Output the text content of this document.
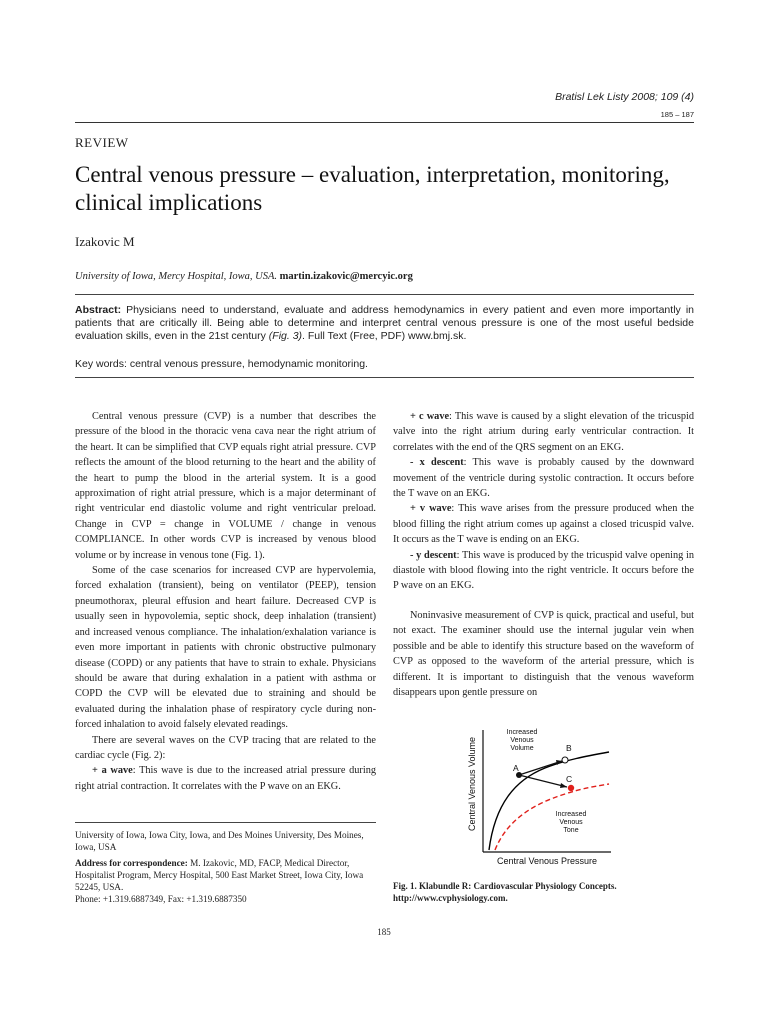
Bratisl Lek Listy 2008; 109 (4)
185 – 187
REVIEW
Central venous pressure – evaluation, interpretation, monitoring, clinical implications
Izakovic M
University of Iowa, Mercy Hospital, Iowa, USA. martin.izakovic@mercyic.org
Abstract: Physicians need to understand, evaluate and address hemodynamics in every patient and even more importantly in patients that are critically ill. Being able to determine and interpret central venous pressure is one of the most useful bedside evaluation skills, even in the 21st century (Fig. 3). Full Text (Free, PDF) www.bmj.sk.
Key words: central venous pressure, hemodynamic monitoring.

Central venous pressure (CVP) is a number that describes the pressure of the blood in the thoracic vena cava near the right atrium of the heart. It can be simplified that CVP equals right atrial pressure. CVP reflects the amount of the blood returning to the heart and the ability of the heart to pump the blood in the arterial system. It is a good approximation of right atrial pressure, which is a major determinant of right ventricular end diastolic volume and right ventricular preload. Change in CVP = change in VOLUME / change in venous COMPLIANCE. In other words CVP is increased by venous blood volume or by increase in venous tone (Fig. 1).

Some of the case scenarios for increased CVP are hypervolemia, forced exhalation (transient), being on ventilator (PEEP), tension pneumothorax, pleural effusion and heart failure. Decreased CVP is usually seen in hypovolemia, septic shock, deep inhalation (transient) and increased venous compliance. The inhalation/exhalation variance is even more important in patients with chronic obstructive pulmonary disease (COPD) or any patients that have to strain to exhale. Physicians should be aware that during exhalation in a patient with asthma or COPD the CVP will be elevated due to straining and should be evaluated during the inhalation phase of respiratory cycle during non-forced inhalation to avoid falsely elevated readings.

There are several waves on the CVP tracing that are related to the cardiac cycle (Fig. 2):

+ a wave: This wave is due to the increased atrial pressure during right atrial contraction. It correlates with the P wave on an EKG.

+ c wave: This wave is caused by a slight elevation of the tricuspid valve into the right atrium during early ventricular contraction. It correlates with the end of the QRS segment on an EKG.

- x descent: This wave is probably caused by the downward movement of the ventricle during systolic contraction. It occurs before the T wave on an EKG.

+ v wave: This wave arises from the pressure produced when the blood filling the right atrium comes up against a closed tricuspid valve. It occurs as the T wave is ending on an EKG.

- y descent: This wave is produced by the tricuspid valve opening in diastole with blood flowing into the right ventricle. It occurs before the P wave on an EKG.

Noninvasive measurement of CVP is quick, practical and useful, but not exact. The examiner should use the internal jugular vein when possible and be able to identify this structure based on the waveform of CVP as opposed to the waveform of the arterial pressure, which is different. It is important to distinguish that the venous waveform disappears upon gentle pressure on

University of Iowa, Iowa City, Iowa, and Des Moines University, Des Moines, Iowa, USA

Address for correspondence: M. Izakovic, MD, FACP, Medical Director, Hospitalist Program, Mercy Hospital, 500 East Market Street, Iowa City, Iowa 52245, USA.
Phone: +1.319.6887349, Fax: +1.319.6887350

Central Venous Volume
Central Venous Pressure
A
B
C
Increased
Venous
Volume
Increased
Venous
Tone
Fig. 1. Klabundle R: Cardiovascular Physiology Concepts. http://www.cvphysiology.com.
185
